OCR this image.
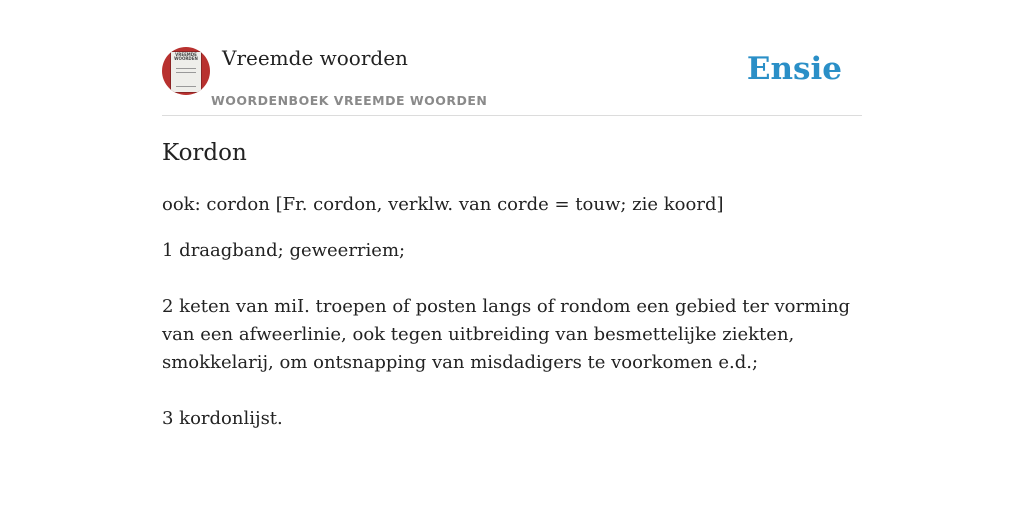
VREEMDE WOORDEN Vreemde woorden
WOORDENBOEK VREEMDE WOORDEN
Ensie
Kordon
ook: cordon [Fr. cordon, verklw. van corde = touw; zie koord]

1 draagband; geweerriem;

2 keten van miI. troepen of posten langs of rondom een gebied ter vorming van een afweerlinie, ook tegen uitbreiding van besmettelijke ziekten, smokkelarij, om ontsnapping van misdadigers te voorkomen e.d.;

3 kordonlijst.
